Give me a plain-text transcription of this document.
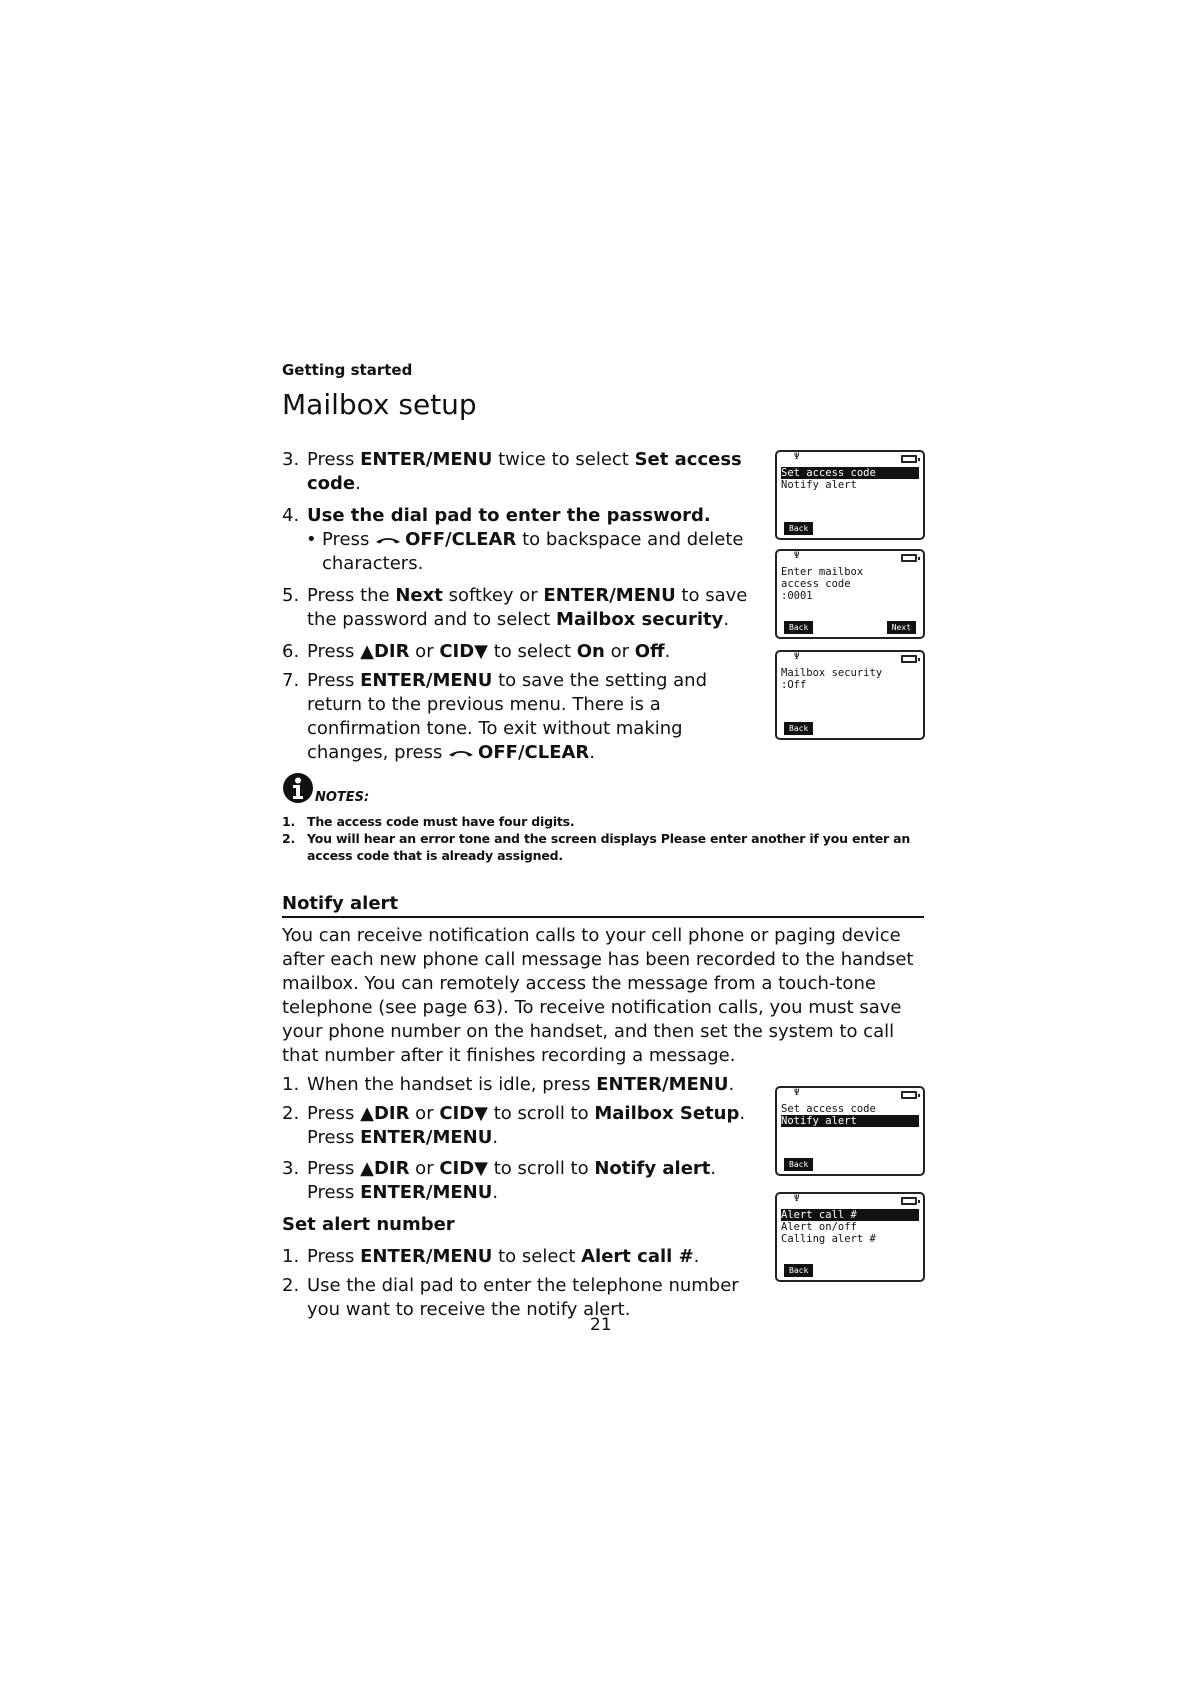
Getting started
Mailbox setup
3. Press ENTER/MENU twice to select Set access code.
4. Use the dial pad to enter the password.
• Press OFF/CLEAR to backspace and delete characters.
5. Press the Next softkey or ENTER/MENU to save the password and to select Mailbox security.
6. Press ▲DIR or CID▼ to select On or Off.
7. Press ENTER/MENU to save the setting and return to the previous menu. There is a confirmation tone. To exit without making changes, press OFF/CLEAR.
NOTES:
1. The access code must have four digits.
2. You will hear an error tone and the screen displays Please enter another if you enter an access code that is already assigned.
Notify alert
You can receive notification calls to your cell phone or paging device after each new phone call message has been recorded to the handset mailbox. You can remotely access the message from a touch-tone telephone (see page 63). To receive notification calls, you must save your phone number on the handset, and then set the system to call that number after it finishes recording a message.
1. When the handset is idle, press ENTER/MENU.
2. Press ▲DIR or CID▼ to scroll to Mailbox Setup. Press ENTER/MENU.
3. Press ▲DIR or CID▼ to scroll to Notify alert. Press ENTER/MENU.
Set alert number
1. Press ENTER/MENU to select Alert call #.
2. Use the dial pad to enter the telephone number you want to receive the notify alert.
21
Ψ
Set access code
Notify alert
Back
Ψ
Enter mailbox
access code
:0001
Back	Next
Ψ
Mailbox security
:Off
Back
Ψ
Set access code
Notify alert
Back
Ψ
Alert call #
Alert on/off
Calling alert #
Back
